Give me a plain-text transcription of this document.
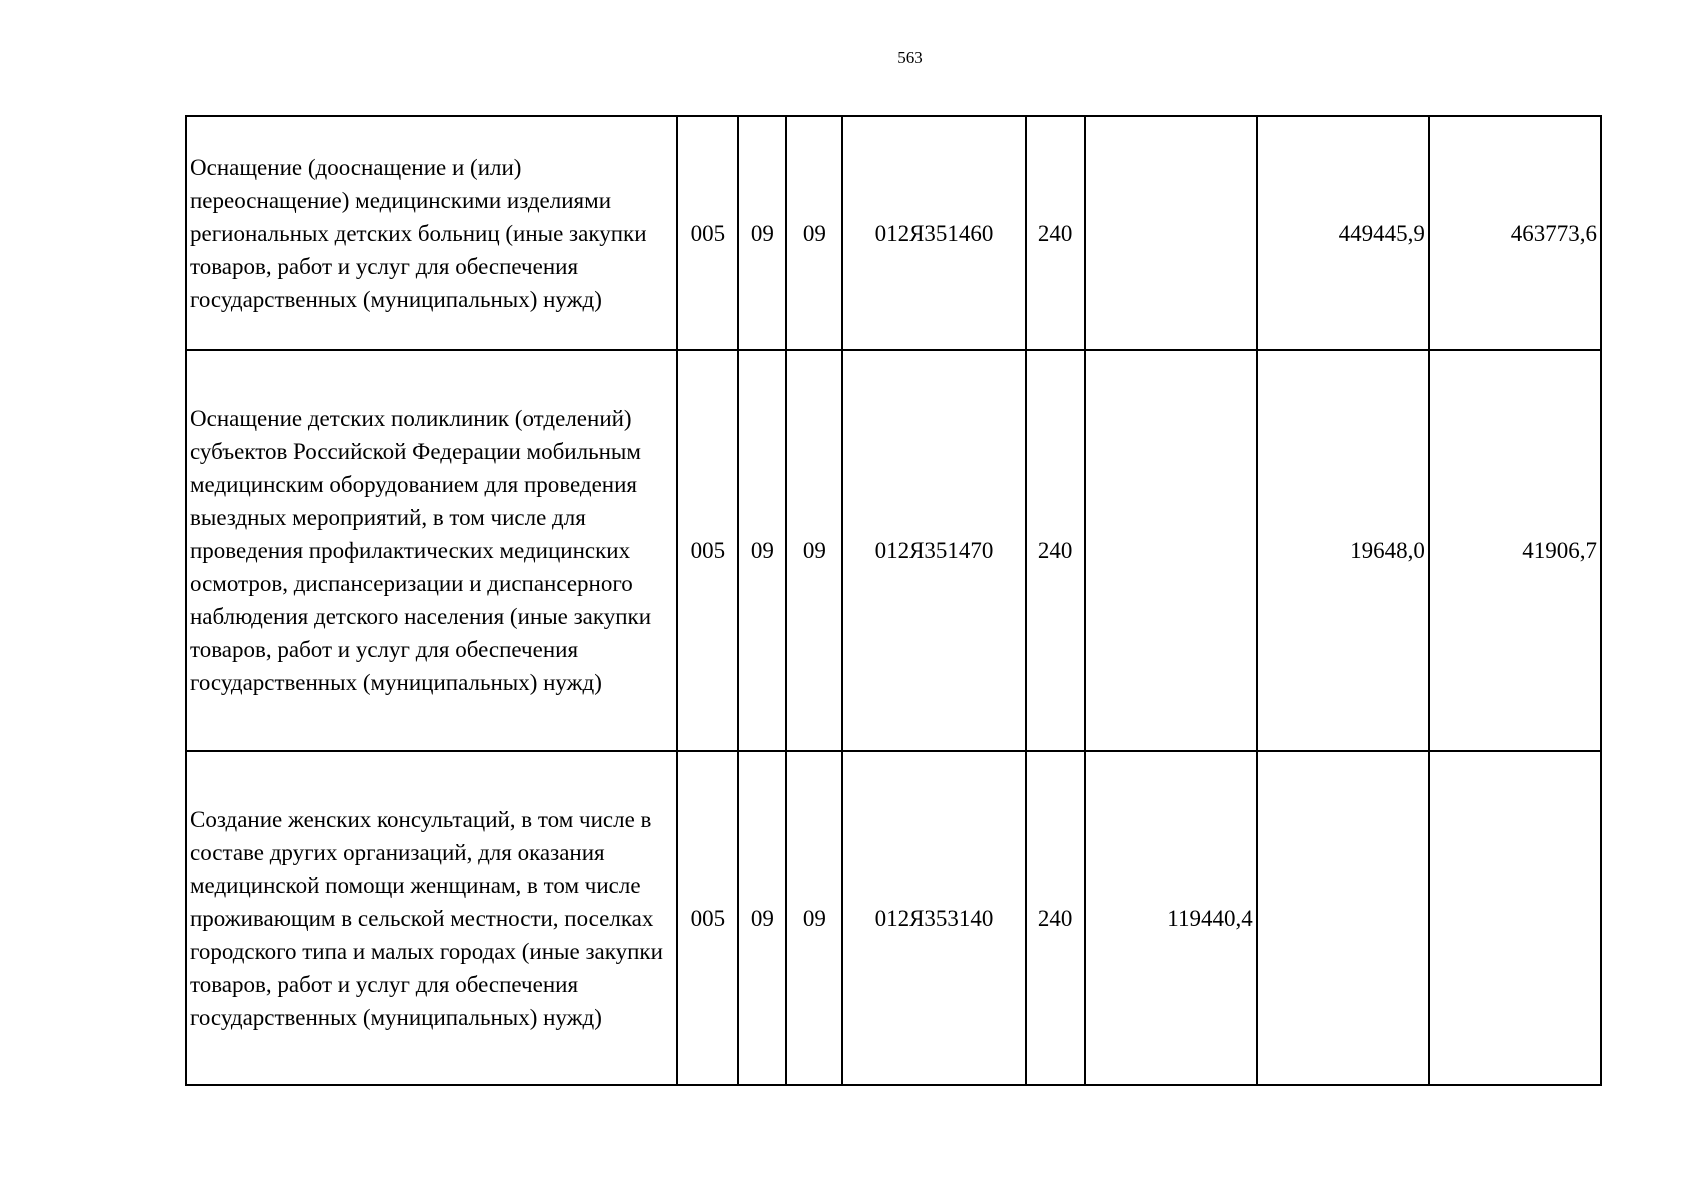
563
Оснащение (дооснащение и (или) переоснащение) медицинскими изделиями региональных детских больниц (иные закупки товаров, работ и услуг для обеспечения государственных (муниципальных) нужд)	005	09	09	012Я351460	240		449445,9	463773,6
Оснащение детских поликлиник (отделений) субъектов Российской Федерации мобильным медицинским оборудованием для проведения выездных мероприятий, в том числе для проведения профилактических медицинских осмотров, диспансеризации и диспансерного наблюдения детского населения (иные закупки товаров, работ и услуг для обеспечения государственных (муниципальных) нужд)	005	09	09	012Я351470	240		19648,0	41906,7
Создание женских консультаций, в том числе в составе других организаций, для оказания медицинской помощи женщинам, в том числе проживающим в сельской местности, поселках городского типа и малых городах (иные закупки товаров, работ и услуг для обеспечения государственных (муниципальных) нужд)	005	09	09	012Я353140	240	119440,4		
